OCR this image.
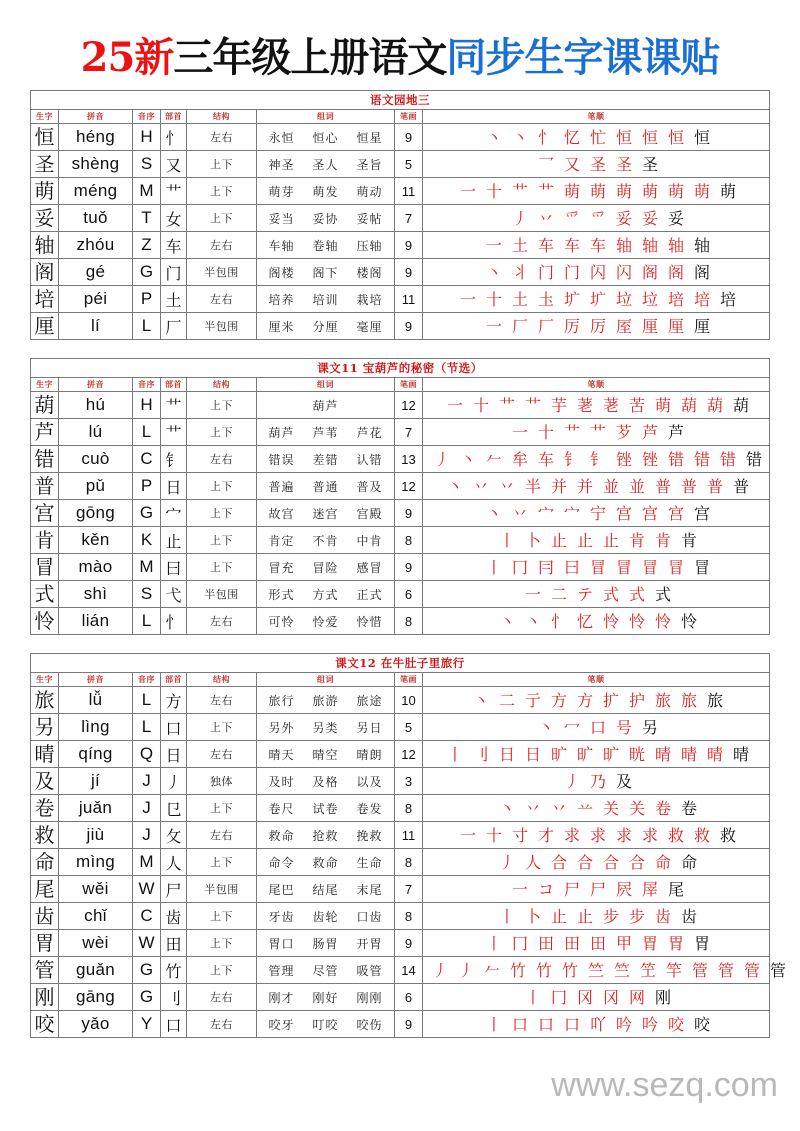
25新三年级上册语文同步生字课课贴
语文园地三							
生字	拼音	音序	部首	结构	组词	笔画	笔顺
恒	héng	H	忄	左右	永恒 恒心 恒星	9	丶 丶 忄 忆 忙 恒 恒 恒 恒
圣	shèng	S	又	上下	神圣 圣人 圣旨	5	乛 又 圣 圣 圣
萌	méng	M	艹	上下	萌芽 萌发 萌动	11	一 十 艹 艹 萌 萌 萌 萌 萌 萌 萌
妥	tuǒ	T	女	上下	妥当 妥协 妥帖	7	丿 丷 爫 爫 妥 妥 妥
轴	zhóu	Z	车	左右	车轴 卷轴 压轴	9	一 土 车 车 车 轴 轴 轴 轴
阁	gé	G	门	半包围	阁楼 阁下 楼阁	9	丶 丬 门 门 闪 闪 阁 阁 阁
培	péi	P	土	左右	培养 培训 栽培	11	一 十 土 圡 圹 圹 垃 垃 培 培 培
厘	lí	L	厂	半包围	厘米 分厘 毫厘	9	一 厂 厂 厉 厉 厔 厘 厘 厘
课文11 宝葫芦的秘密（节选）							
生字	拼音	音序	部首	结构	组词	笔画	笔顺
葫	hú	H	艹	上下	葫芦	12	一 十 艹 艹 芋 荖 荖 苦 萌 葫 葫 葫
芦	lú	L	艹	上下	葫芦 芦苇 芦花	7	一 十 艹 艹 芕 芦 芦
错	cuò	C	钅	左右	错误 差错 认错	13	丿 丶 𠂉 牟 车 钅 钅 锉 锉 错 错 错 错
普	pǔ	P	日	上下	普遍 普通 普及	12	丶 丷 丷 半 并 并 並 並 普 普 普 普
宫	gōng	G	宀	上下	故宫 迷宫 宫殿	9	丶 丷 宀 宀 宁 宫 宫 宫 宫
肯	kěn	K	止	上下	肯定 不肯 中肯	8	丨 卜 止 止 止 肯 肯 肯
冒	mào	M	曰	上下	冒充 冒险 感冒	9	丨 冂 冃 曰 冒 冒 冒 冒 冒
式	shì	S	弋	半包围	形式 方式 正式	6	一 二 テ 式 式 式
怜	lián	L	忄	左右	可怜 怜爱 怜惜	8	丶 丶 忄 忆 怜 怜 怜 怜
课文12 在牛肚子里旅行							
生字	拼音	音序	部首	结构	组词	笔画	笔顺
旅	lǚ	L	方	左右	旅行 旅游 旅途	10	丶 二 亍 方 方 扩 护 旅 旅 旅
另	lìng	L	口	上下	另外 另类 另日	5	丶 冖 口 号 另
晴	qíng	Q	日	左右	晴天 晴空 晴朗	12	丨 刂 日 日 旷 旷 旷 晄 晴 晴 晴 晴
及	jí	J	丿	独体	及时 及格 以及	3	丿 乃 及
卷	juǎn	J	㔾	上下	卷尺 试卷 卷发	8	丶 丷 丷 䒑 关 关 卷 卷
救	jiù	J	攵	左右	救命 抢救 挽救	11	一 十 寸 才 求 求 求 求 救 救 救
命	mìng	M	人	上下	命令 救命 生命	8	丿 人 合 合 合 合 命 命
尾	wěi	W	尸	半包围	尾巴 结尾 末尾	7	一 コ 尸 尸 屄 屖 尾
齿	chǐ	C	齿	上下	牙齿 齿轮 口齿	8	丨 卜 止 止 步 步 齿 齿
胃	wèi	W	田	上下	胃口 肠胃 开胃	9	丨 冂 田 田 田 甲 胃 胃 胃
管	guǎn	G	竹	上下	管理 尽管 吸管	14	丿 丿 𠂉 竹 竹 竹 竺 竺 笁 竿 管 管 管 管
刚	gāng	G	刂	左右	刚才 刚好 刚刚	6	丨 冂 冈 冈 网 刚
咬	yǎo	Y	口	左右	咬牙 叮咬 咬伤	9	丨 口 口 口 吖 吟 吟 咬 咬
www.sezq.com
